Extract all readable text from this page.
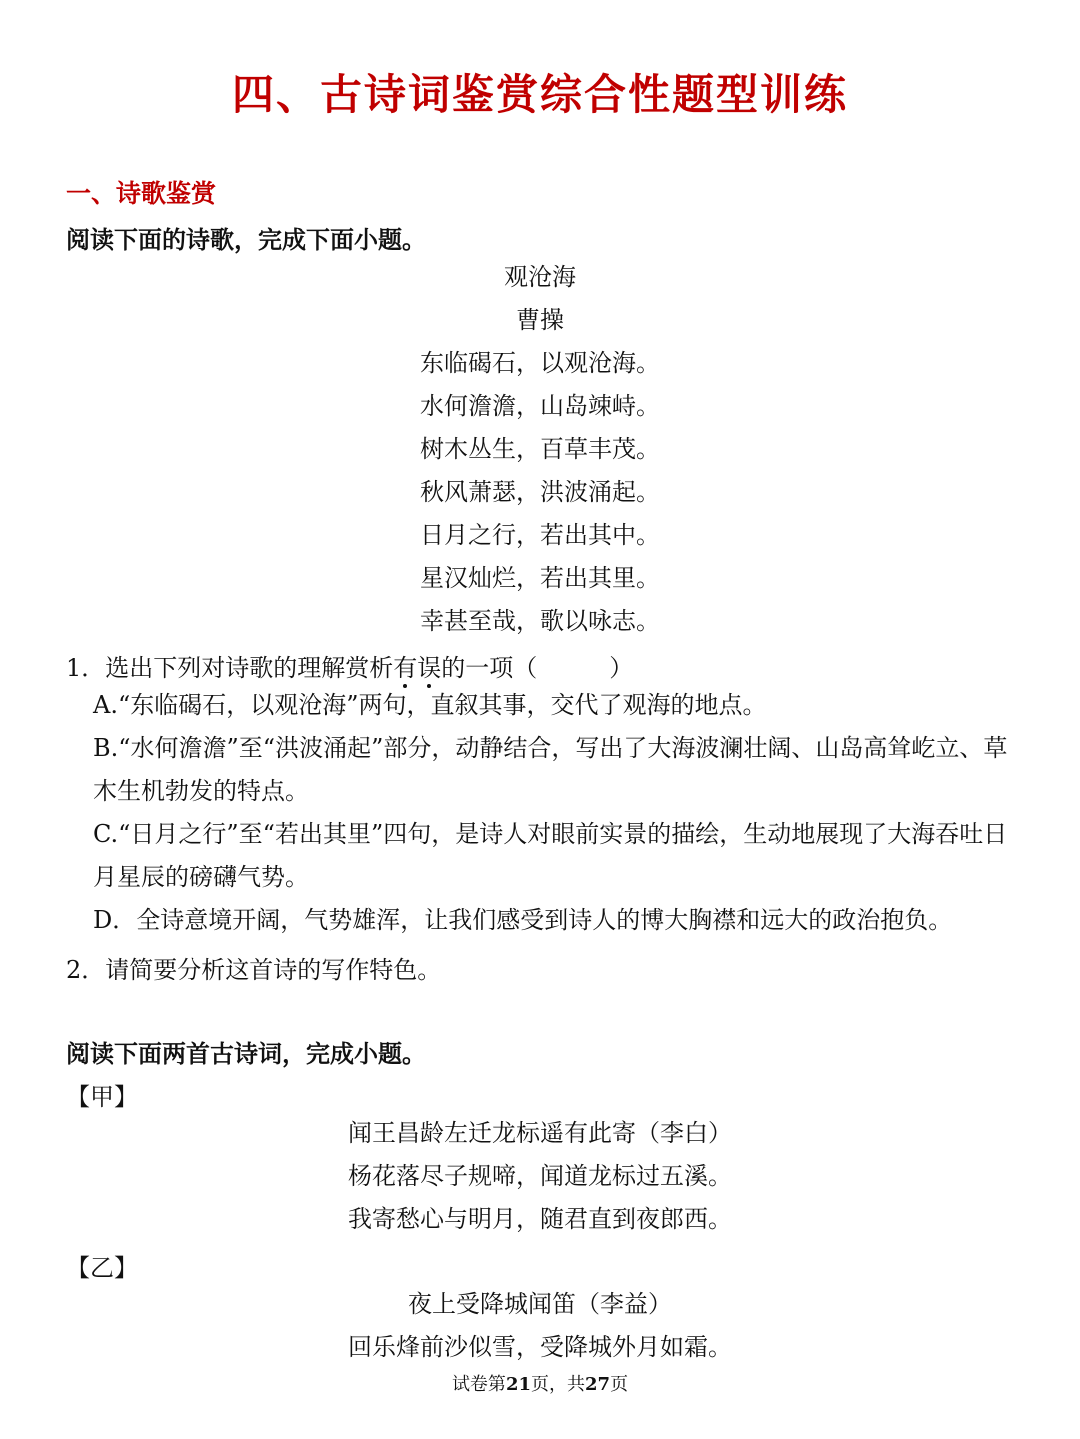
四、古诗词鉴赏综合性题型训练
一、诗歌鉴赏
阅读下面的诗歌，完成下面小题。
观沧海
曹操
东临碣石，以观沧海。
水何澹澹，山岛竦峙。
树木丛生，百草丰茂。
秋风萧瑟，洪波涌起。
日月之行，若出其中。
星汉灿烂，若出其里。
幸甚至哉，歌以咏志。
1．选出下列对诗歌的理解赏析有误的一项（　　　）
A.“东临碣石，以观沧海”两句，直叙其事，交代了观海的地点。
B.“水何澹澹”至“洪波涌起”部分，动静结合，写出了大海波澜壮阔、山岛高耸屹立、草木生机勃发的特点。
C.“日月之行”至“若出其里”四句，是诗人对眼前实景的描绘，生动地展现了大海吞吐日月星辰的磅礴气势。
D．全诗意境开阔，气势雄浑，让我们感受到诗人的博大胸襟和远大的政治抱负。
2．请简要分析这首诗的写作特色。
阅读下面两首古诗词，完成小题。
【甲】
闻王昌龄左迁龙标遥有此寄（李白）
杨花落尽子规啼，闻道龙标过五溪。
我寄愁心与明月，随君直到夜郎西。
【乙】
夜上受降城闻笛（李益）
回乐烽前沙似雪，受降城外月如霜。
试卷第21页，共27页
